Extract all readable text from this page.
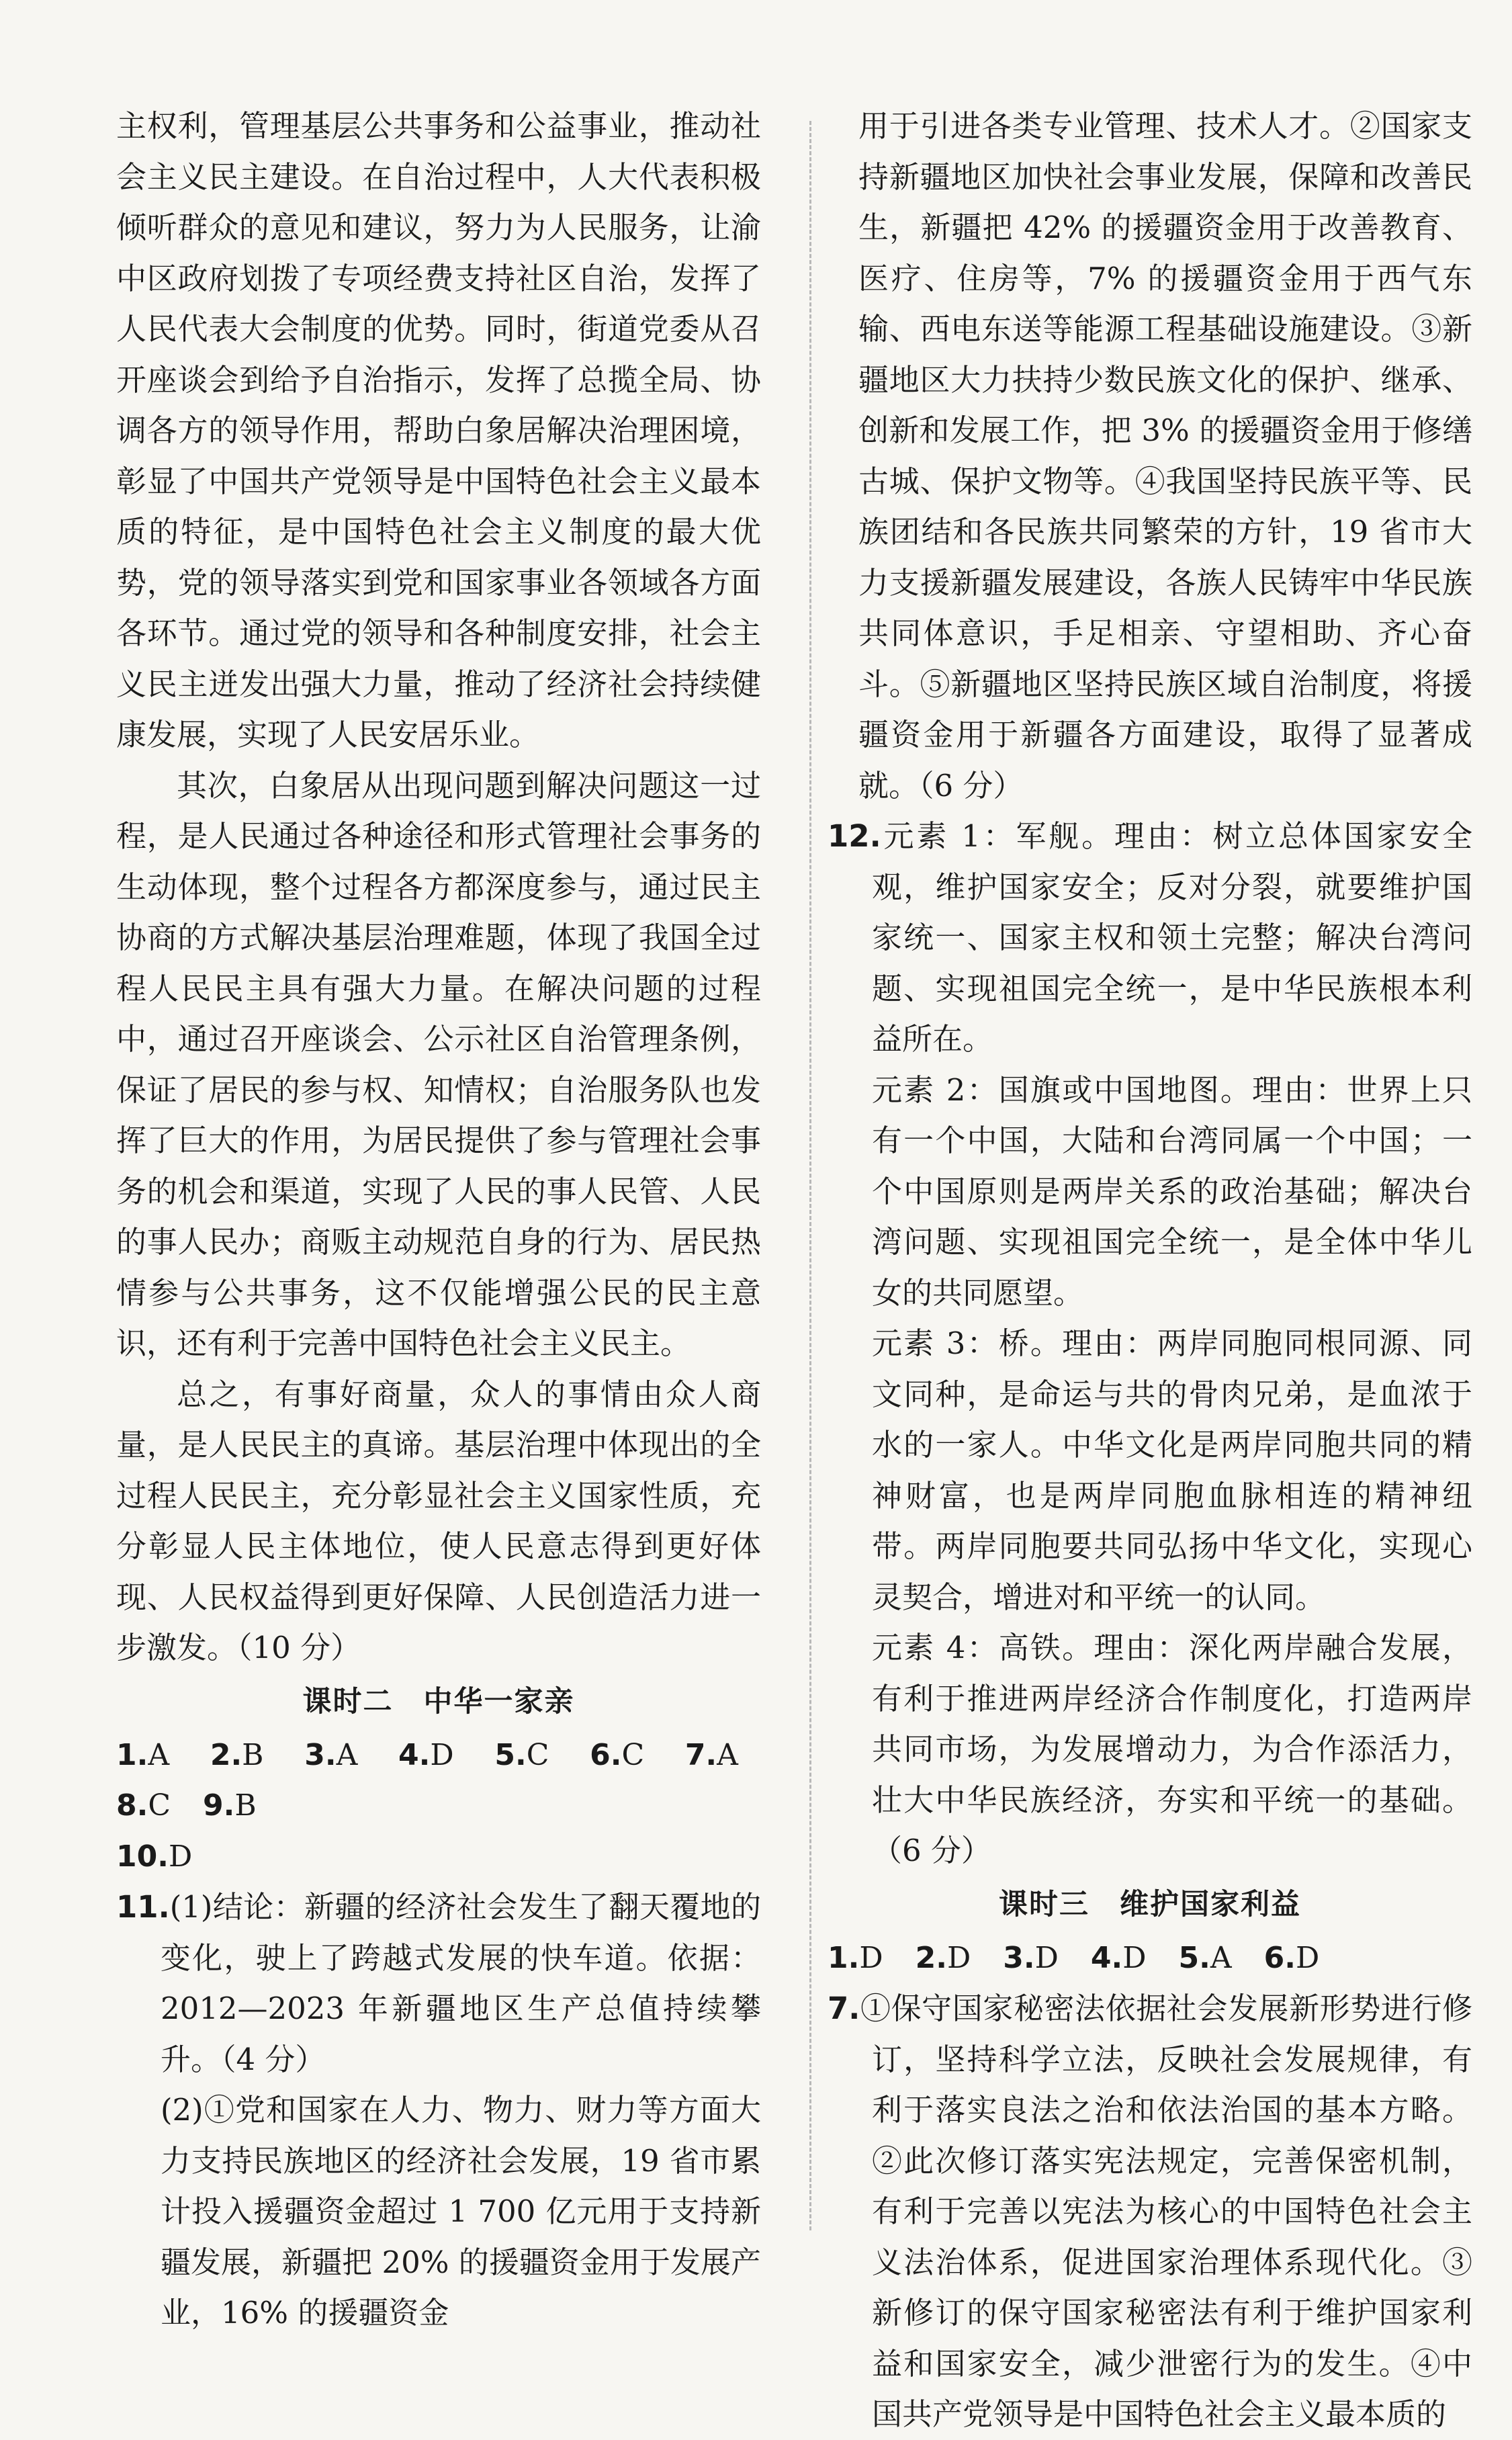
主权利，管理基层公共事务和公益事业，推动社会主义民主建设。在自治过程中，人大代表积极倾听群众的意见和建议，努力为人民服务，让渝中区政府划拨了专项经费支持社区自治，发挥了人民代表大会制度的优势。同时，街道党委从召开座谈会到给予自治指示，发挥了总揽全局、协调各方的领导作用，帮助白象居解决治理困境，彰显了中国共产党领导是中国特色社会主义最本质的特征，是中国特色社会主义制度的最大优势，党的领导落实到党和国家事业各领域各方面各环节。通过党的领导和各种制度安排，社会主义民主迸发出强大力量，推动了经济社会持续健康发展，实现了人民安居乐业。

其次，白象居从出现问题到解决问题这一过程，是人民通过各种途径和形式管理社会事务的生动体现，整个过程各方都深度参与，通过民主协商的方式解决基层治理难题，体现了我国全过程人民民主具有强大力量。在解决问题的过程中，通过召开座谈会、公示社区自治管理条例，保证了居民的参与权、知情权；自治服务队也发挥了巨大的作用，为居民提供了参与管理社会事务的机会和渠道，实现了人民的事人民管、人民的事人民办；商贩主动规范自身的行为、居民热情参与公共事务，这不仅能增强公民的民主意识，还有利于完善中国特色社会主义民主。

总之，有事好商量，众人的事情由众人商量，是人民民主的真谛。基层治理中体现出的全过程人民民主，充分彰显社会主义国家性质，充分彰显人民主体地位，使人民意志得到更好体现、人民权益得到更好保障、人民创造活力进一步激发。（10 分）

课时二　中华一家亲
1.A 2.B 3.A 4.D 5.C 6.C 7.A 8.C 9.B
10.D

11.(1)结论：新疆的经济社会发生了翻天覆地的变化，驶上了跨越式发展的快车道。依据：2012—2023 年新疆地区生产总值持续攀升。（4 分）

(2)①党和国家在人力、物力、财力等方面大力支持民族地区的经济社会发展，19 省市累计投入援疆资金超过 1 700 亿元用于支持新疆发展，新疆把 20% 的援疆资金用于发展产业，16% 的援疆资金

用于引进各类专业管理、技术人才。②国家支持新疆地区加快社会事业发展，保障和改善民生，新疆把 42% 的援疆资金用于改善教育、医疗、住房等，7% 的援疆资金用于西气东输、西电东送等能源工程基础设施建设。③新疆地区大力扶持少数民族文化的保护、继承、创新和发展工作，把 3% 的援疆资金用于修缮古城、保护文物等。④我国坚持民族平等、民族团结和各民族共同繁荣的方针，19 省市大力支援新疆发展建设，各族人民铸牢中华民族共同体意识，手足相亲、守望相助、齐心奋斗。⑤新疆地区坚持民族区域自治制度，将援疆资金用于新疆各方面建设，取得了显著成就。（6 分）

12.元素 1：军舰。理由：树立总体国家安全观，维护国家安全；反对分裂，就要维护国家统一、国家主权和领土完整；解决台湾问题、实现祖国完全统一，是中华民族根本利益所在。

元素 2：国旗或中国地图。理由：世界上只有一个中国，大陆和台湾同属一个中国；一个中国原则是两岸关系的政治基础；解决台湾问题、实现祖国完全统一，是全体中华儿女的共同愿望。

元素 3：桥。理由：两岸同胞同根同源、同文同种，是命运与共的骨肉兄弟，是血浓于水的一家人。中华文化是两岸同胞共同的精神财富，也是两岸同胞血脉相连的精神纽带。两岸同胞要共同弘扬中华文化，实现心灵契合，增进对和平统一的认同。

元素 4：高铁。理由：深化两岸融合发展，有利于推进两岸经济合作制度化，打造两岸共同市场，为发展增动力，为合作添活力，壮大中华民族经济，夯实和平统一的基础。（6 分）

课时三　维护国家利益
1.D 2.D 3.D 4.D 5.A 6.D

7.①保守国家秘密法依据社会发展新形势进行修订，坚持科学立法，反映社会发展规律，有利于落实良法之治和依法治国的基本方略。②此次修订落实宪法规定，完善保密机制，有利于完善以宪法为核心的中国特色社会主义法治体系，促进国家治理体系现代化。③新修订的保守国家秘密法有利于维护国家利益和国家安全，减少泄密行为的发生。④中国共产党领导是中国特色社会主义最本质的
